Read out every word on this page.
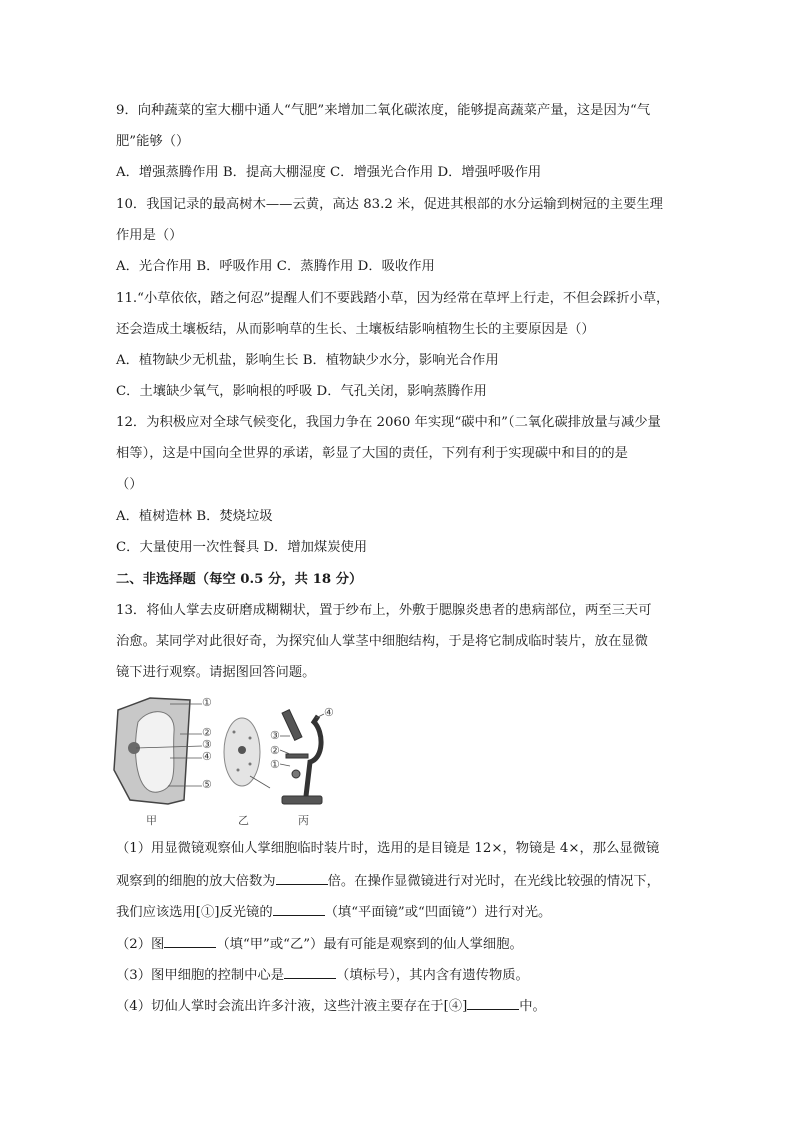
9．向种蔬菜的室大棚中通人“气肥”来增加二氧化碳浓度，能够提高蔬菜产量，这是因为“气
肥”能够（）
A．增强蒸腾作用 B．提高大棚湿度 C．增强光合作用 D．增强呼吸作用
10．我国记录的最高树木——云黄，高达 83.2 米，促进其根部的水分运输到树冠的主要生理
作用是（）
A．光合作用 B．呼吸作用 C．蒸腾作用 D．吸收作用
11.“小草依依，踏之何忍”提醒人们不要践踏小草，因为经常在草坪上行走，不但会踩折小草，
还会造成土壤板结，从而影响草的生长、土壤板结影响植物生长的主要原因是（）
A．植物缺少无机盐，影响生长 B．植物缺少水分，影响光合作用
C．土壤缺少氧气，影响根的呼吸 D．气孔关闭，影响蒸腾作用
12．为积极应对全球气候变化，我国力争在 2060 年实现“碳中和”（二氧化碳排放量与减少量
相等），这是中国向全世界的承诺，彰显了大国的责任，下列有利于实现碳中和目的的是
（）
A．植树造林 B．焚烧垃圾
C．大量使用一次性餐具 D．增加煤炭使用
二、非选择题（每空 0.5 分，共 18 分）
13．将仙人掌去皮研磨成糊糊状，置于纱布上，外敷于腮腺炎患者的患病部位，两至三天可
治愈。某同学对此很好奇，为探究仙人掌茎中细胞结构，于是将它制成临时装片，放在显微
镜下进行观察。请据图回答问题。
①
②
③
④
⑤
③
②
①
④
甲	乙	丙
（1）用显微镜观察仙人掌细胞临时装片时，选用的是目镜是 12×，物镜是 4×，那么显微镜
观察到的细胞的放大倍数为	倍。在操作显微镜进行对光时，在光线比较强的情况下，
我们应该选用[①]反光镜的	（填“平面镜”或“凹面镜”）进行对光。
（2）图	（填“甲”或“乙”）最有可能是观察到的仙人掌细胞。
（3）图甲细胞的控制中心是	（填标号），其内含有遗传物质。
（4）切仙人掌时会流出许多汁液，这些汁液主要存在于[④]	中。
